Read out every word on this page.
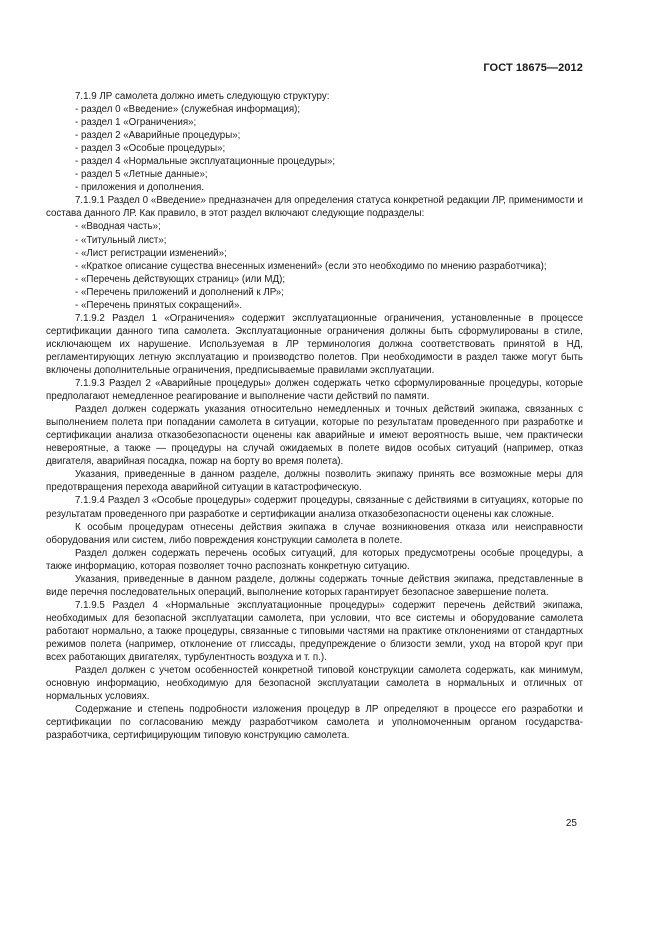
ГОСТ 18675—2012

7.1.9 ЛР самолета должно иметь следующую структуру:

- раздел 0 «Введение» (служебная информация);

- раздел 1 «Ограничения»;

- раздел 2 «Аварийные процедуры»;

- раздел 3 «Особые процедуры»;

- раздел 4 «Нормальные эксплуатационные процедуры»;

- раздел 5 «Летные данные»;

- приложения и дополнения.

7.1.9.1 Раздел 0 «Введение» предназначен для определения статуса конкретной редакции ЛР, применимости и состава данного ЛР. Как правило, в этот раздел включают следующие подразделы:

- «Вводная часть»;

- «Титульный лист»;

- «Лист регистрации изменений»;

- «Краткое описание существа внесенных изменений» (если это необходимо по мнению разработчика);

- «Перечень действующих страниц» (или МД);

- «Перечень приложений и дополнений к ЛР»;

- «Перечень принятых сокращений».

7.1.9.2 Раздел 1 «Ограничения» содержит эксплуатационные ограничения, установленные в процессе сертификации данного типа самолета. Эксплуатационные ограничения должны быть сформулированы в стиле, исключающем их нарушение. Используемая в ЛР терминология должна соответствовать принятой в НД, регламентирующих летную эксплуатацию и производство полетов. При необходимости в раздел также могут быть включены дополнительные ограничения, предписываемые правилами эксплуатации.

7.1.9.3 Раздел 2 «Аварийные процедуры» должен содержать четко сформулированные процедуры, которые предполагают немедленное реагирование и выполнение части действий по памяти.

Раздел должен содержать указания относительно немедленных и точных действий экипажа, связанных с выполнением полета при попадании самолета в ситуации, которые по результатам проведенного при разработке и сертификации анализа отказобезопасности оценены как аварийные и имеют вероятность выше, чем практически невероятные, а также — процедуры на случай ожидаемых в полете видов особых ситуаций (например, отказ двигателя, аварийная посадка, пожар на борту во время полета).

Указания, приведенные в данном разделе, должны позволить экипажу принять все возможные меры для предотвращения перехода аварийной ситуации в катастрофическую.

7.1.9.4 Раздел 3 «Особые процедуры» содержит процедуры, связанные с действиями в ситуациях, которые по результатам проведенного при разработке и сертификации анализа отказобезопасности оценены как сложные.

К особым процедурам отнесены действия экипажа в случае возникновения отказа или неисправности оборудования или систем, либо повреждения конструкции самолета в полете.

Раздел должен содержать перечень особых ситуаций, для которых предусмотрены особые процедуры, а также информацию, которая позволяет точно распознать конкретную ситуацию.

Указания, приведенные в данном разделе, должны содержать точные действия экипажа, представленные в виде перечня последовательных операций, выполнение которых гарантирует безопасное завершение полета.

7.1.9.5 Раздел 4 «Нормальные эксплуатационные процедуры» содержит перечень действий экипажа, необходимых для безопасной эксплуатации самолета, при условии, что все системы и оборудование самолета работают нормально, а также процедуры, связанные с типовыми частями на практике отклонениями от стандартных режимов полета (например, отклонение от глиссады, предупреждение о близости земли, уход на второй круг при всех работающих двигателях, турбулентность воздуха и т. п.).

Раздел должен с учетом особенностей конкретной типовой конструкции самолета содержать, как минимум, основную информацию, необходимую для безопасной эксплуатации самолета в нормальных и отличных от нормальных условиях.

Содержание и степень подробности изложения процедур в ЛР определяют в процессе его разработки и сертификации по согласованию между разработчиком самолета и уполномоченным органом государства-разработчика, сертифицирующим типовую конструкцию самолета.

25
